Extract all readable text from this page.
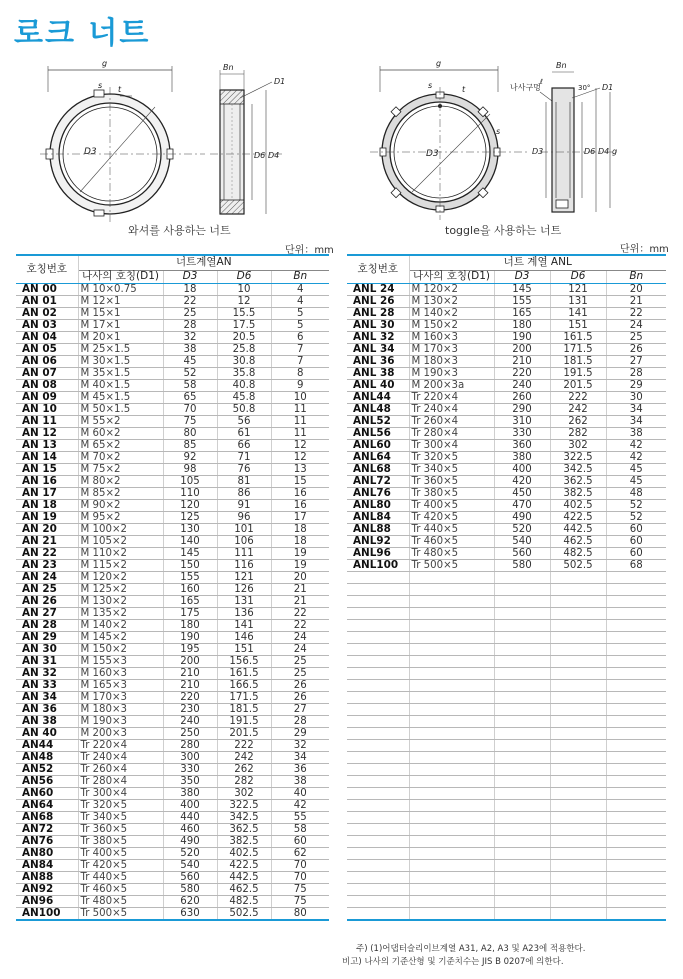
로크 너트
g
D3
s t
Bn
D1
D6 D4
g
D3
s	t
s
나사구멍
Bn
ℓ
30° D1
D3	D6 D4 g
와셔를 사용하는 너트	toggle을 사용하는 너트
단위：mm	단위：mm
호칭번호	너트계열AN			
	나사의 호칭(D1)	D3	D6	Bn
AN 00	M 10×0.75	18	10	4
AN 01	M 12×1	22	12	4
AN 02	M 15×1	25	15.5	5
AN 03	M 17×1	28	17.5	5
AN 04	M 20×1	32	20.5	6
AN 05	M 25×1.5	38	25.8	7
AN 06	M 30×1.5	45	30.8	7
AN 07	M 35×1.5	52	35.8	8
AN 08	M 40×1.5	58	40.8	9
AN 09	M 45×1.5	65	45.8	10
AN 10	M 50×1.5	70	50.8	11
AN 11	M 55×2	75	56	11
AN 12	M 60×2	80	61	11
AN 13	M 65×2	85	66	12
AN 14	M 70×2	92	71	12
AN 15	M 75×2	98	76	13
AN 16	M 80×2	105	81	15
AN 17	M 85×2	110	86	16
AN 18	M 90×2	120	91	16
AN 19	M 95×2	125	96	17
AN 20	M 100×2	130	101	18
AN 21	M 105×2	140	106	18
AN 22	M 110×2	145	111	19
AN 23	M 115×2	150	116	19
AN 24	M 120×2	155	121	20
AN 25	M 125×2	160	126	21
AN 26	M 130×2	165	131	21
AN 27	M 135×2	175	136	22
AN 28	M 140×2	180	141	22
AN 29	M 145×2	190	146	24
AN 30	M 150×2	195	151	24
AN 31	M 155×3	200	156.5	25
AN 32	M 160×3	210	161.5	25
AN 33	M 165×3	210	166.5	26
AN 34	M 170×3	220	171.5	26
AN 36	M 180×3	230	181.5	27
AN 38	M 190×3	240	191.5	28
AN 40	M 200×3	250	201.5	29
AN44	Tr 220×4	280	222	32
AN48	Tr 240×4	300	242	34
AN52	Tr 260×4	330	262	36
AN56	Tr 280×4	350	282	38
AN60	Tr 300×4	380	302	40
AN64	Tr 320×5	400	322.5	42
AN68	Tr 340×5	440	342.5	55
AN72	Tr 360×5	460	362.5	58
AN76	Tr 380×5	490	382.5	60
AN80	Tr 400×5	520	402.5	62
AN84	Tr 420×5	540	422.5	70
AN88	Tr 440×5	560	442.5	70
AN92	Tr 460×5	580	462.5	75
AN96	Tr 480×5	620	482.5	75
AN100	Tr 500×5	630	502.5	80
호칭번호	너트 계열 ANL			
	나사의 호칭(D1)	D3	D6	Bn
ANL 24	M 120×2	145	121	20
ANL 26	M 130×2	155	131	21
ANL 28	M 140×2	165	141	22
ANL 30	M 150×2	180	151	24
ANL 32	M 160×3	190	161.5	25
ANL 34	M 170×3	200	171.5	26
ANL 36	M 180×3	210	181.5	27
ANL 38	M 190×3	220	191.5	28
ANL 40	M 200×3a	240	201.5	29
ANL44	Tr 220×4	260	222	30
ANL48	Tr 240×4	290	242	34
ANL52	Tr 260×4	310	262	34
ANL56	Tr 280×4	330	282	38
ANL60	Tr 300×4	360	302	42
ANL64	Tr 320×5	380	322.5	42
ANL68	Tr 340×5	400	342.5	45
ANL72	Tr 360×5	420	362.5	45
ANL76	Tr 380×5	450	382.5	48
ANL80	Tr 400×5	470	402.5	52
ANL84	Tr 420×5	490	422.5	52
ANL88	Tr 440×5	520	442.5	60
ANL92	Tr 460×5	540	462.5	60
ANL96	Tr 480×5	560	482.5	60
ANL100	Tr 500×5	580	502.5	68

주) (1)어댑터슬리이브계열 A31, A2, A3 및 A23에 적용한다.
비고) 나사의 기준산형 및 기준치수는 JIS B 0207에 의한다.
